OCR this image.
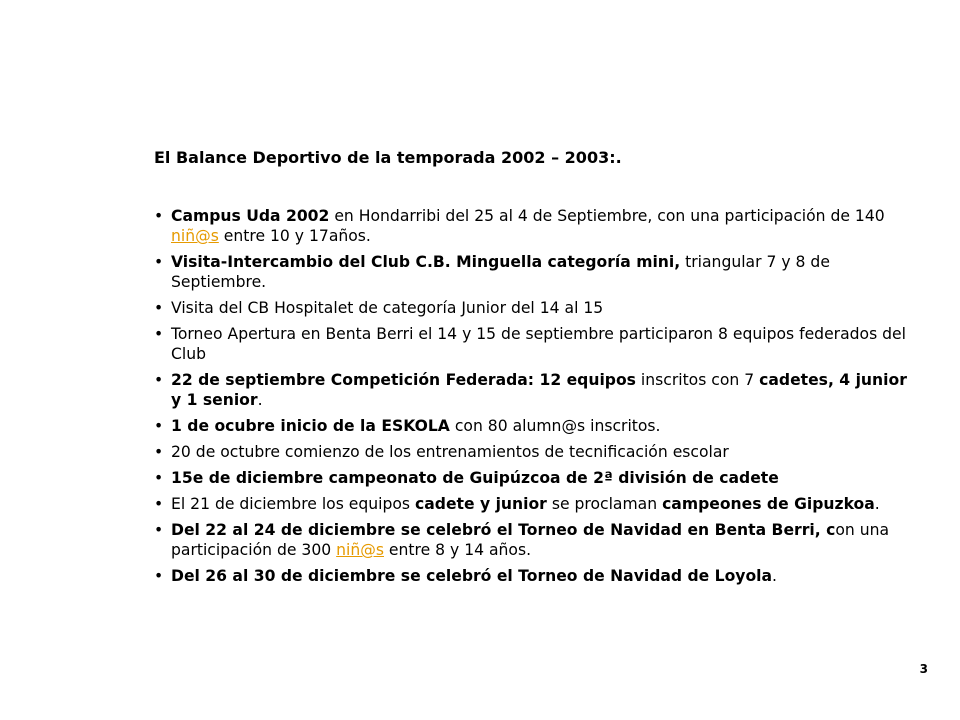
El Balance Deportivo de la temporada 2002 – 2003:.
• Campus Uda 2002 en Hondarribi del 25 al 4 de Septiembre, con una participación de 140 niñ@s entre 10 y 17años.
• Visita-Intercambio del Club C.B. Minguella categoría mini, triangular 7 y 8 de Septiembre.
• Visita del CB Hospitalet de categoría Junior del 14 al 15
• Torneo Apertura en Benta Berri el 14 y 15 de septiembre participaron 8 equipos federados del Club
• 22 de septiembre Competición Federada: 12 equipos inscritos con 7 cadetes, 4 junior y 1 senior.
• 1 de ocubre inicio de la ESKOLA con 80 alumn@s inscritos.
• 20 de octubre comienzo de los entrenamientos de tecnificación escolar
• 15e de diciembre campeonato de Guipúzcoa de 2ª división de cadete
• El 21 de diciembre los equipos cadete y junior se proclaman campeones de Gipuzkoa.
• Del 22 al 24 de diciembre se celebró el Torneo de Navidad en Benta Berri, con una participación de 300 niñ@s entre 8 y 14 años.
• Del 26 al 30 de diciembre se celebró el Torneo de Navidad de Loyola.
3
